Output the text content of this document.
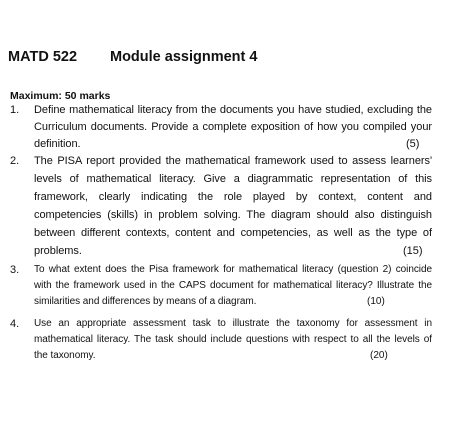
MATD 522 Module assignment 4
Maximum: 50 marks
1. Define mathematical literacy from the documents you have studied, excluding the
Curriculum documents. Provide a complete exposition of how you compiled your
definition.	(5)
2. The PISA report provided the mathematical framework used to assess learners'
levels of mathematical literacy. Give a diagrammatic representation of this
framework, clearly indicating the role played by context, content and
competencies (skills) in problem solving. The diagram should also distinguish
between different contexts, content and competencies, as well as the type of
problems.	(15)
3. To what extent does the Pisa framework for mathematical literacy (question 2) coincide
with the framework used in the CAPS document for mathematical literacy? Illustrate the
similarities and differences by means of a diagram.	(10)
4. Use an appropriate assessment task to illustrate the taxonomy for assessment in
mathematical literacy. The task should include questions with respect to all the levels of
the taxonomy.	(20)
